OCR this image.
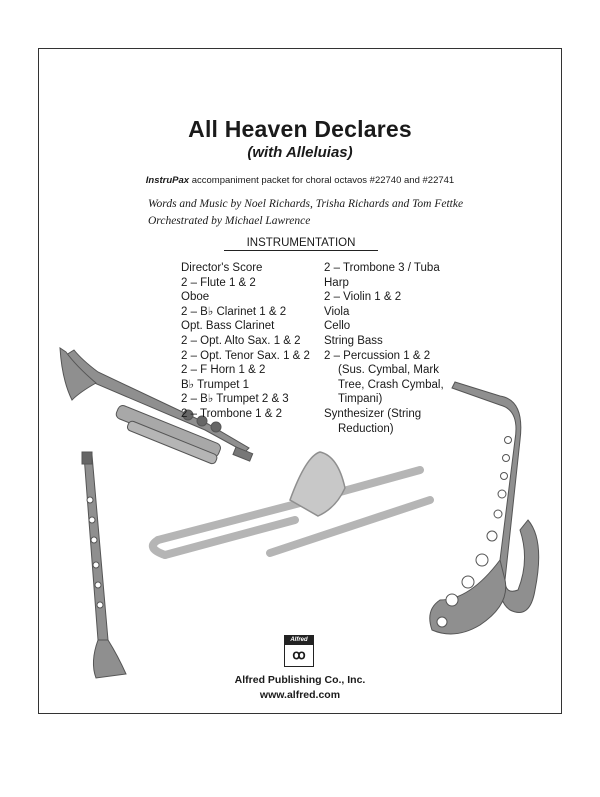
All Heaven Declares
(with Alleluias)
InstruPax accompaniment packet for choral octavos #22740 and #22741
Words and Music by Noel Richards, Trisha Richards and Tom Fettke
Orchestrated by Michael Lawrence
INSTRUMENTATION
Director's Score
2 – Flute 1 & 2
Oboe
2 – B♭ Clarinet 1 & 2
Opt. Bass Clarinet
2 – Opt. Alto Sax. 1 & 2
2 – Opt. Tenor Sax. 1 & 2
2 – F Horn 1 & 2
B♭ Trumpet 1
2 – B♭ Trumpet 2 & 3
2 – Trombone 1 & 2
2 – Trombone 3 / Tuba
Harp
2 – Violin 1 & 2
Viola
Cello
String Bass
2 – Percussion 1 & 2
(Sus. Cymbal, Mark
Tree, Crash Cymbal,
Timpani)
Synthesizer (String
Reduction)
Alfred
ꝏ
Alfred Publishing Co., Inc.
www.alfred.com
